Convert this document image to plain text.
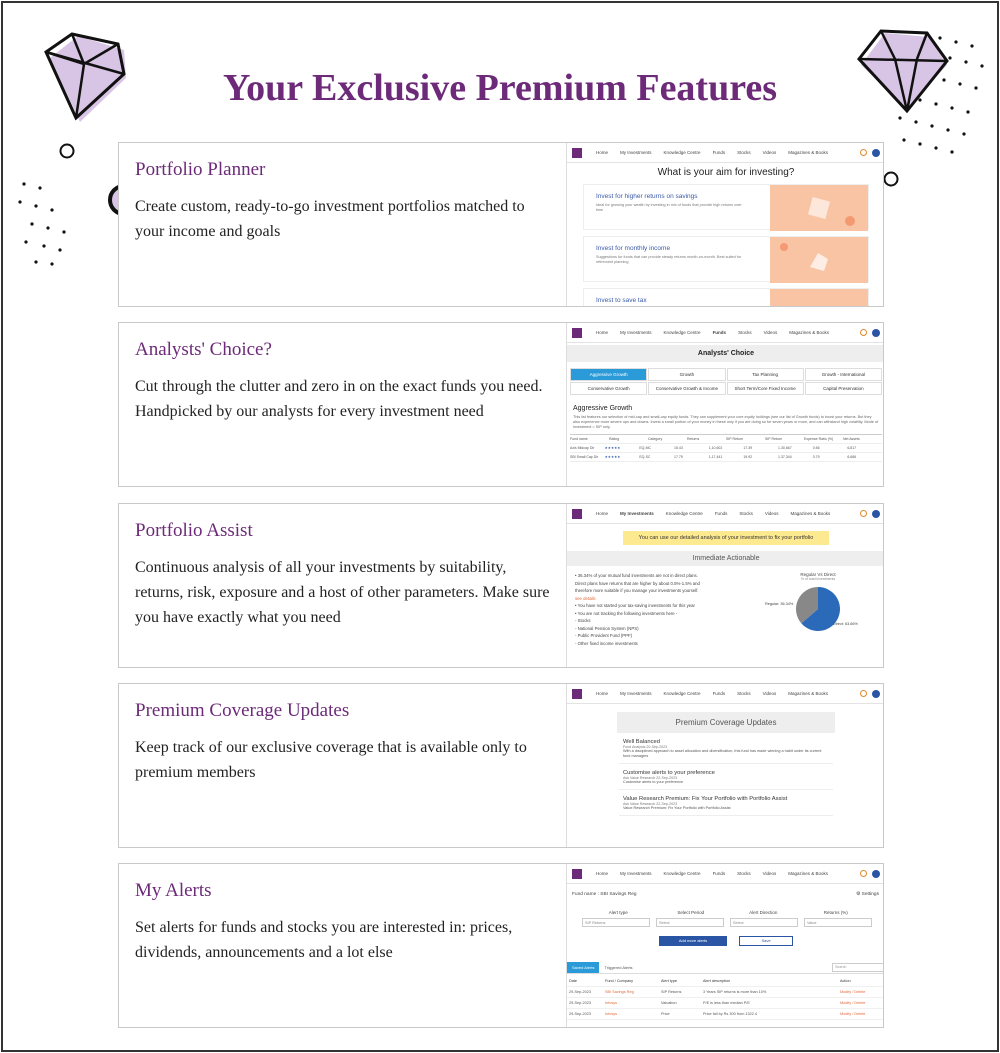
Your Exclusive Premium Features
Portfolio Planner
Create custom, ready-to-go investment portfolios matched to your income and goals
Home	My Investments	Knowledge Centre	Funds	Stocks	Videos	Magazines & Books
What is your aim for investing?
Invest for higher returns on savings
Ideal for growing your wealth by investing in mix of funds that provide high returns over time
Invest for monthly income
Suggestions for funds that can provide steady returns month-on-month. Best suited for retirement planning
Invest to save tax
Analysts' Choice?
Cut through the clutter and zero in on the exact funds you need. Handpicked by our analysts for every investment need
Home	My Investments	Knowledge Centre	Funds	Stocks	Videos	Magazines & Books
Analysts' Choice
Aggressive Growth	Growth	Tax Planning	Growth - International
Conservative Growth	Conservative Growth & Income	Short Term/Core Fixed Income	Capital Preservation
Aggressive Growth
This list features our selection of mid-cap and small-cap equity funds. They can supplement your core equity holdings (see our list of Growth funds) to boost your returns. But they also experience more severe ups and downs. Invest a small portion of your money in these only if you are doing so for seven years or more, and can withstand high volatility. Mode of investment = SIP only.
Fund name	Rating	Category	Returns	SIP Return	SIP Return	Expense Ratio (%)	Net Assets
Axis Midcap Dir	★★★★★	EQ-MC	15.43	1,10,602	17.39	1.30,667	0.56	6,817
SBI Small Cap Dir	★★★★★	EQ-SC	17.75	1,17,441	19.92	1.37,344	0.79	6,666
Portfolio Assist
Continuous analysis of all your investments by suitability, returns, risk, exposure and a host of other parameters. Make sure you have exactly what you need
Home	My Investments	Knowledge Centre	Funds	Stocks	Videos	Magazines & Books
You can use our detailed analysis of your investment to fix your portfolio
Immediate Actionable
• 36.34% of your mutual fund investments are not in direct plans. Direct plans have returns that are higher by about 0.5%-1.5% and therefore more suitable if you manage your investments yourself. see details
• You have not started your tax-saving investments for this year
• You are not tracking the following investments here -
- Stocks
- National Pension System (NPS)
- Public Provident Fund (PPF)
- Other fixed income investments
Regular Vs Direct
% of total investments
Regular: 36.34%
Direct: 63.66%
Premium Coverage Updates
Keep track of our exclusive coverage that is available only to premium members
Home	My Investments	Knowledge Centre	Funds	Stocks	Videos	Magazines & Books
Premium Coverage Updates
Well Balanced
Fund Analysis 20-Sep-2023
With a disciplined approach to asset allocation and diversification, this fund has made winning a habit under its current fund managers
Customise alerts to your preference
Ask Value Research 22-Sep-2023
Customise alerts to your preference
Value Research Premium: Fix Your Portfolio with Portfolio Assist
Ask Value Research 22-Sep-2023
Value Research Premium: Fix Your Portfolio with Portfolio Assist
My Alerts
Set alerts for funds and stocks you are interested in: prices, dividends, announcements and a lot else
Home	My Investments	Knowledge Centre	Funds	Stocks	Videos	Magazines & Books
Fund name : SBI Savings Reg	⚙ Settings
Alert type	Select Period	Alert Direction	Returns (%)
SIP Returns	Select	Select	Value
Add more alerts	Save
Saved Alerts	Triggered Alerts	Search
Date	Fund / Company	Alert type	Alert description	Action
29-Sep-2023	SBI Savings Reg	SIP Returns	3 Years SIP returns is more than 10%	Modify / Delete
29-Sep-2023	Infosys	Valuation	P/E is less than median P/E	Modify / Delete
29-Sep-2023	Infosys	Price	Price fall by Rs 300 from 1322.4	Modify / Delete
